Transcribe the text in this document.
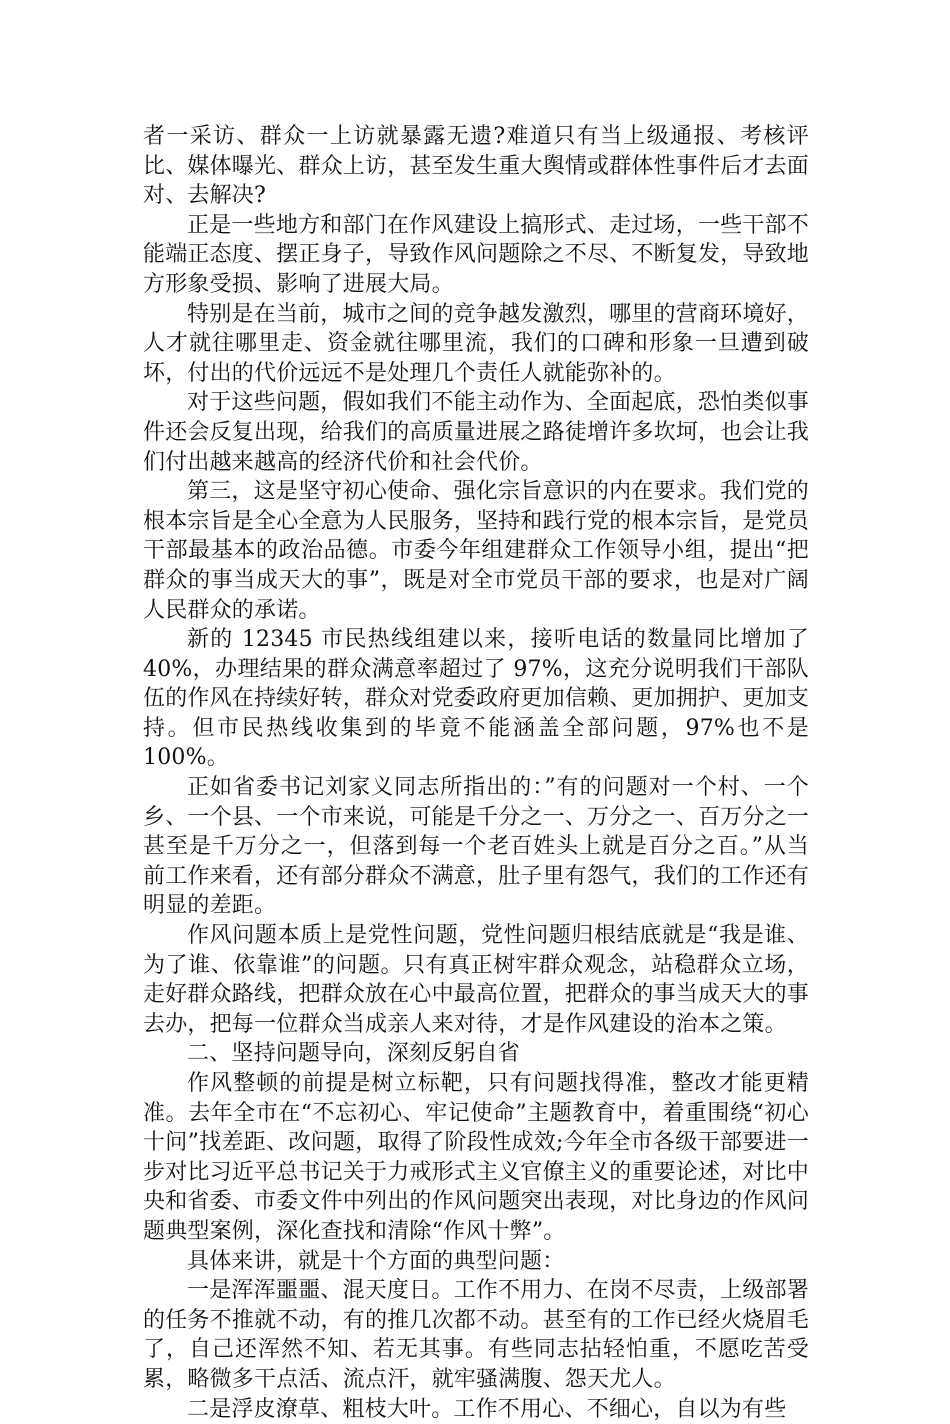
者一采访、群众一上访就暴露无遗?难道只有当上级通报、考核评比、媒体曝光、群众上访，甚至发生重大舆情或群体性事件后才去面对、去解决?

正是一些地方和部门在作风建设上搞形式、走过场，一些干部不能端正态度、摆正身子，导致作风问题除之不尽、不断复发，导致地方形象受损、影响了进展大局。

特别是在当前，城市之间的竞争越发激烈，哪里的营商环境好，人才就往哪里走、资金就往哪里流，我们的口碑和形象一旦遭到破坏，付出的代价远远不是处理几个责任人就能弥补的。

对于这些问题，假如我们不能主动作为、全面起底，恐怕类似事件还会反复出现，给我们的高质量进展之路徒增许多坎坷，也会让我们付出越来越高的经济代价和社会代价。

第三，这是坚守初心使命、强化宗旨意识的内在要求。我们党的根本宗旨是全心全意为人民服务，坚持和践行党的根本宗旨，是党员干部最基本的政治品德。市委今年组建群众工作领导小组，提出“把群众的事当成天大的事”，既是对全市党员干部的要求，也是对广阔人民群众的承诺。

新的 12345 市民热线组建以来，接听电话的数量同比增加了40%，办理结果的群众满意率超过了 97%，这充分说明我们干部队伍的作风在持续好转，群众对党委政府更加信赖、更加拥护、更加支持。但市民热线收集到的毕竟不能涵盖全部问题，97%也不是100%。

正如省委书记刘家义同志所指出的：”有的问题对一个村、一个乡、一个县、一个市来说，可能是千分之一、万分之一、百万分之一甚至是千万分之一，但落到每一个老百姓头上就是百分之百。”从当前工作来看，还有部分群众不满意，肚子里有怨气，我们的工作还有明显的差距。

作风问题本质上是党性问题，党性问题归根结底就是“我是谁、为了谁、依靠谁”的问题。只有真正树牢群众观念，站稳群众立场，走好群众路线，把群众放在心中最高位置，把群众的事当成天大的事去办，把每一位群众当成亲人来对待，才是作风建设的治本之策。

二、坚持问题导向，深刻反躬自省

作风整顿的前提是树立标靶，只有问题找得准，整改才能更精准。去年全市在“不忘初心、牢记使命”主题教育中，着重围绕“初心十问”找差距、改问题，取得了阶段性成效;今年全市各级干部要进一步对比习近平总书记关于力戒形式主义官僚主义的重要论述，对比中央和省委、市委文件中列出的作风问题突出表现，对比身边的作风问题典型案例，深化查找和清除“作风十弊”。

具体来讲，就是十个方面的典型问题：

一是浑浑噩噩、混天度日。工作不用力、在岗不尽责，上级部署的任务不推就不动，有的推几次都不动。甚至有的工作已经火烧眉毛了，自己还浑然不知、若无其事。有些同志拈轻怕重，不愿吃苦受累，略微多干点活、流点汗，就牢骚满腹、怨天尤人。

二是浮皮潦草、粗枝大叶。工作不用心、不细心，自以为有些
